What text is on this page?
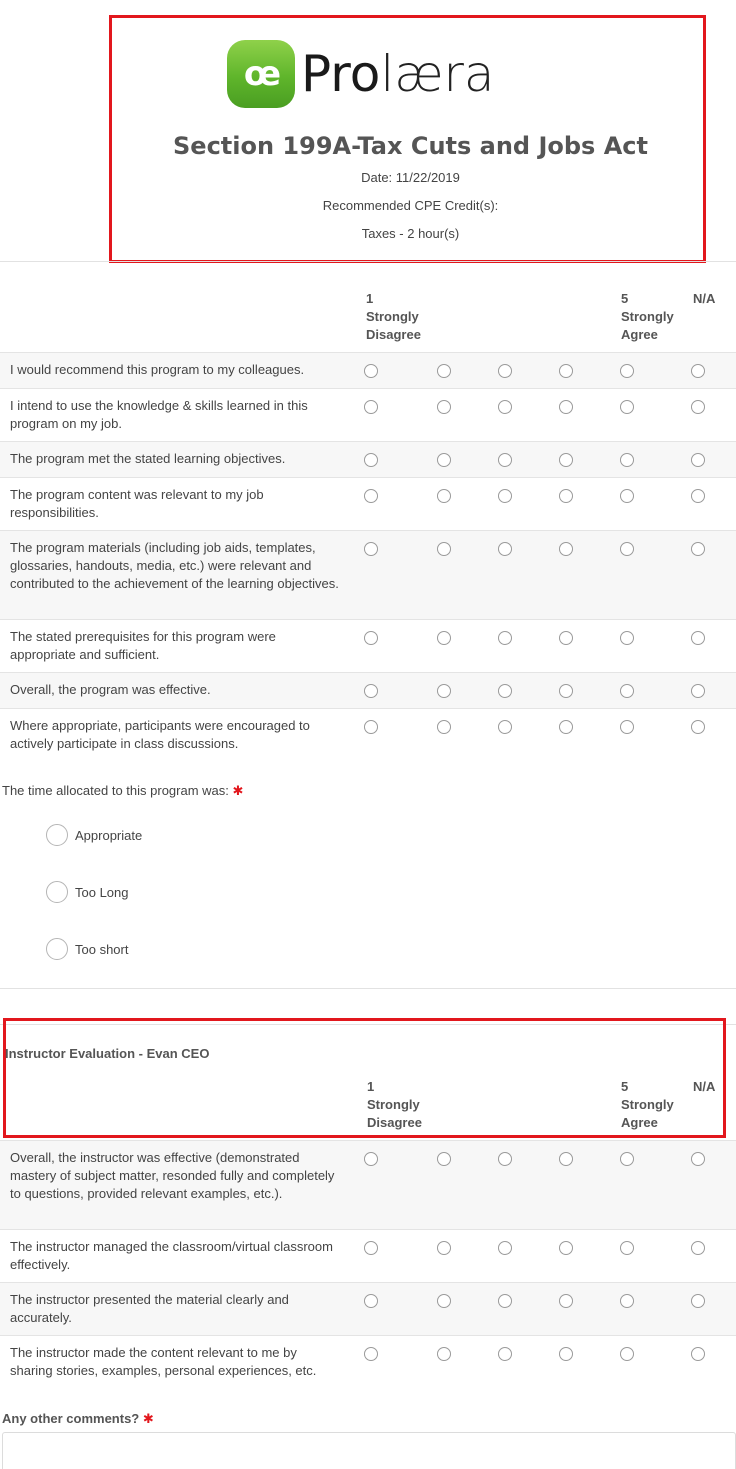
œ Prolæra
Section 199A-Tax Cuts and Jobs Act
Date: 11/22/2019
Recommended CPE Credit(s):
Taxes - 2 hour(s)
1
Strongly
Disagree
5
Strongly
Agree
N/A
I would recommend this program to my colleagues.
I intend to use the knowledge & skills learned in this program on my job.
The program met the stated learning objectives.
The program content was relevant to my job responsibilities.
The program materials (including job aids, templates, glossaries, handouts, media, etc.) were relevant and contributed to the achievement of the learning objectives.
The stated prerequisites for this program were appropriate and sufficient.
Overall, the program was effective.
Where appropriate, participants were encouraged to actively participate in class discussions.
The time allocated to this program was: ✱
Appropriate
Too Long
Too short
Instructor Evaluation - Evan CEO
1
Strongly
Disagree
5
Strongly
Agree
N/A
Overall, the instructor was effective (demonstrated mastery of subject matter, resonded fully and completely to questions, provided relevant examples, etc.).
The instructor managed the classroom/virtual classroom effectively.
The instructor presented the material clearly and accurately.
The instructor made the content relevant to me by sharing stories, examples, personal experiences, etc.
Any other comments? ✱
